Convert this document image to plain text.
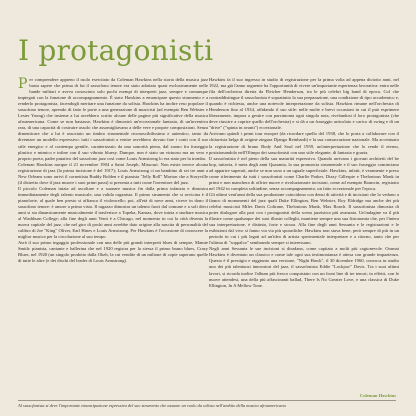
I protagonisti

Per comprendere appieno il ruolo esercitato da Coleman Hawkins nella storia della musica jazz basta sapere che prima di lui il sassofono tenore era stato adottato quasi esclusivamente nelle bande militari e aveva conosciuto solo pochi esempi di interpreti jazz, sempre e comunque impiegati con la funzione di accompagnamento. È stato Hawkins a emancipare questo strumento e a renderlo protagonista, facendogli meritare una funzione da solista. Hawkins ha inoltre reso popolare il sassofono tenore, aprendo di fatto le porte a una generazione di musicisti (ad esempio Ben Webster e Lester Young) che insieme a lui avrebbero scritto alcune delle pagine più significative della musica afroamericana. Come se non bastasse, Hawkins è dimostrò un'eccezionale fantasia, di un'inventiva rara, di una capacità di costruire assolo che assomigliavano a delle vere e proprie composizioni. Senza dimenticare che a lui è associato un timbro strumentale riconoscibilissimo e autentico, tanto da diventare un modello espressivo: tutti i sassofonisti a venire avrebbero dovuto fare i conti con il suo stile energico e al contempo gentile, caratterizzato da una sonorità piena, dal suono fra fraseggio plastico e mimico e infine con il suo vibrato bluesy. Dunque, non è stato un virtuoso ma un vero e proprio poeta, padre putativo del sassofono jazz così come Louis Armstrong lo era stato per la tromba.

Coleman Hawkins nacque il 21 novembre 1904 a Saint Joseph, Missouri. Non esiste invece alcuna registrazione di jazz (la prima incisione è del 1917); Louis Armstrong ci un bambino di sei tre anni a New Orleans sono arrivi il cornettista Buddy Bolden e il pianista "Jelly Roll" Morton che a Storyville (il distretto dove il jazz muove i suoi primi passi) si presenta a tutti come l'inventore del jazz.

Il piccolo Coleman inizia ad ascoltare e a suonare musica fin dalla prima infanzia e dimostra immediatamente degli talento musicale, una valida organista. Il primo strumento che si avvicina è il pianoforte, al quale ben presto si affianca il violoncello; poi, all'età di nove anni, riceve in dono il sassofono tenore: è amore a prima vista. Il ragazzo dimostra un talento fuori dal comune e a soli dieci anni si sta dinamicamente musicalmente il trasferisce a Topeka, Kansas, dove inizia a studiare musica al Washburn College; alla fine degli anni Venti è a Chicago, nel momento in cui la città diventa la nuova capitale del jazz, che nel giro di pochi anni avrebbe dato origine alla nascita di personalità del calibro di Joe "King" Oliver, Earl Hines e Louis Armstrong. Per Hawkins è l'occasione di conoscere la miglior musica per la circolazione al suo tempo.

Avrà il suo primo ingaggio professionale con una delle più grandi interpreti blues di sempre, Mamie Smith: pianista, cantante e ballerina che nel 1920 registra per la stessa il primo brano blues, Crazy Blues, nel 1920 (un singolo prodotto dalla Okeh, la cui vendite di un milione di copie superano quelle di tutte le altre (e dei dischi del leader di Louis Armstrong).

Hawkins fa il suo ingresso in studio di registrazione per la prima volta ad appena diciotto anni, nel 1922, ma già l'anno seguente ha l'opportunità di vivere un'importante esperienza lavorativa: entra nelle fila dell'orchestra diretta da Fletcher Henderson, tra le più celebri big band di epoca. Col che contraddistingue il sassofonista è soprattutto la sua preparazione, una condizione di tipo accademico e, quando è richiesta, anche una notevole interpretazione da solista. Hawkins rimane nell'orchestra di Henderson fino al 1934, affidando il suo stile: nelle molte e brevi occasioni in cui il può esprimere liberamente, impara a gestire con parsimonia ogni singola nota, rivelandosi il loro protagonista (che deve riuscire a coprire quello dell'orchestra) e si dà a un fraseggio articolato e carico di swing e di un "drive" ("spinta in avanti") eccezionale.

Arrivano quindi i primi tour europei (da ricordare quello del 1938, che lo porta a collaborare con il chitarrista belga di origine zingara Django Reinhardt) e la sua consacrazione nazionale. Ma accentuato la registrazione di brano Body And Soul nel 1939, un'interpretazione che lo rende il eterno, posizionandolo nell'Olimpo dei sassofonisti con uno stile elegante, di fantasia e grazia.

Il sassofonista è nel pieno della sua maturità espressiva. Quando arrivano i giovani architetti del be bop, tuttavia, è meta degli anni Quaranta, la sua pronuncia strumentale e il suo fraseggio cominciano ad apparire superati, anche se non sono a un uguale superficiale. Hawkins, infatti, è veramente e preso come riferimento da tutti i sassofonisti come Charlie Parker, Dizzy Gillespie e Thelonious Monk in primi e non manchera di offrire nuove e rivoluzionarie incisioni, come ad esempio Bouncin, registrato nel 1942 in completa solitudine, senza accompagnamento, un fatto eccezionale per l'epoca.

Gli ultimi vent'anni della sua produzione coincidono con densi di attività e di incisioni che lo vedono a fianco di monumenti del jazz quali Duke Ellington, Ben Webster, Roy Eldridge ma anche dei più celebri musicisti Miles Davis Coltrane, Thelonious Monk, Max Roach. Il sassofonista dimostra di poter dialogare alla pari con i protagonisti della scena jazzistica più avanzata. Un'indagine va il più illustre come qualunque dei suoi illustri colleghi, mantiene sempre una sua fisionomia che, per l'intera sua interpretazione, è distinta, forte e sicura. Alla fine degli anni Sessanta e le registrazioni e le esibizioni dal vivo si fanno via via più sporadiche: Hawkins non stava bene, però sempre di più in un periodo in cui i più legati ad un'idea di artista sperimentale interpretare e a ritorno, tanto che per l'ultima di "soppalco" sembrando sempre si interessano.

Negli anni Sessanta le sue incisioni si diradano, come capitato a molti più cagionevole. Oramai Hawkins è diventato un classico e come tale ogni sua testimonianza è attesa con grande impazienza. Questo è il prestigio e raggiunto una versione, "Night Hawk", il 30 dicembre 1960, convoca in studio uno dei più talentuosi innovatori del jazz, il sassofonista Eddie "Lockjaw" Davis. Tra i suoi ultimi lavori, si ricorda inoltre l'album più fresco conquistato con un front line di tre tenori; in effetti, con le nuove attendesi, una della più affascinanti ballad, There Is No Greater Love, e una classica di Duke Ellington, In A Mellow Tone.

Coleman Hawkins
Al sassofonista si deve l'importante emancipazione espressiva del suo strumento che assume un ruolo da solista nell'ambito della musica afroamericana
